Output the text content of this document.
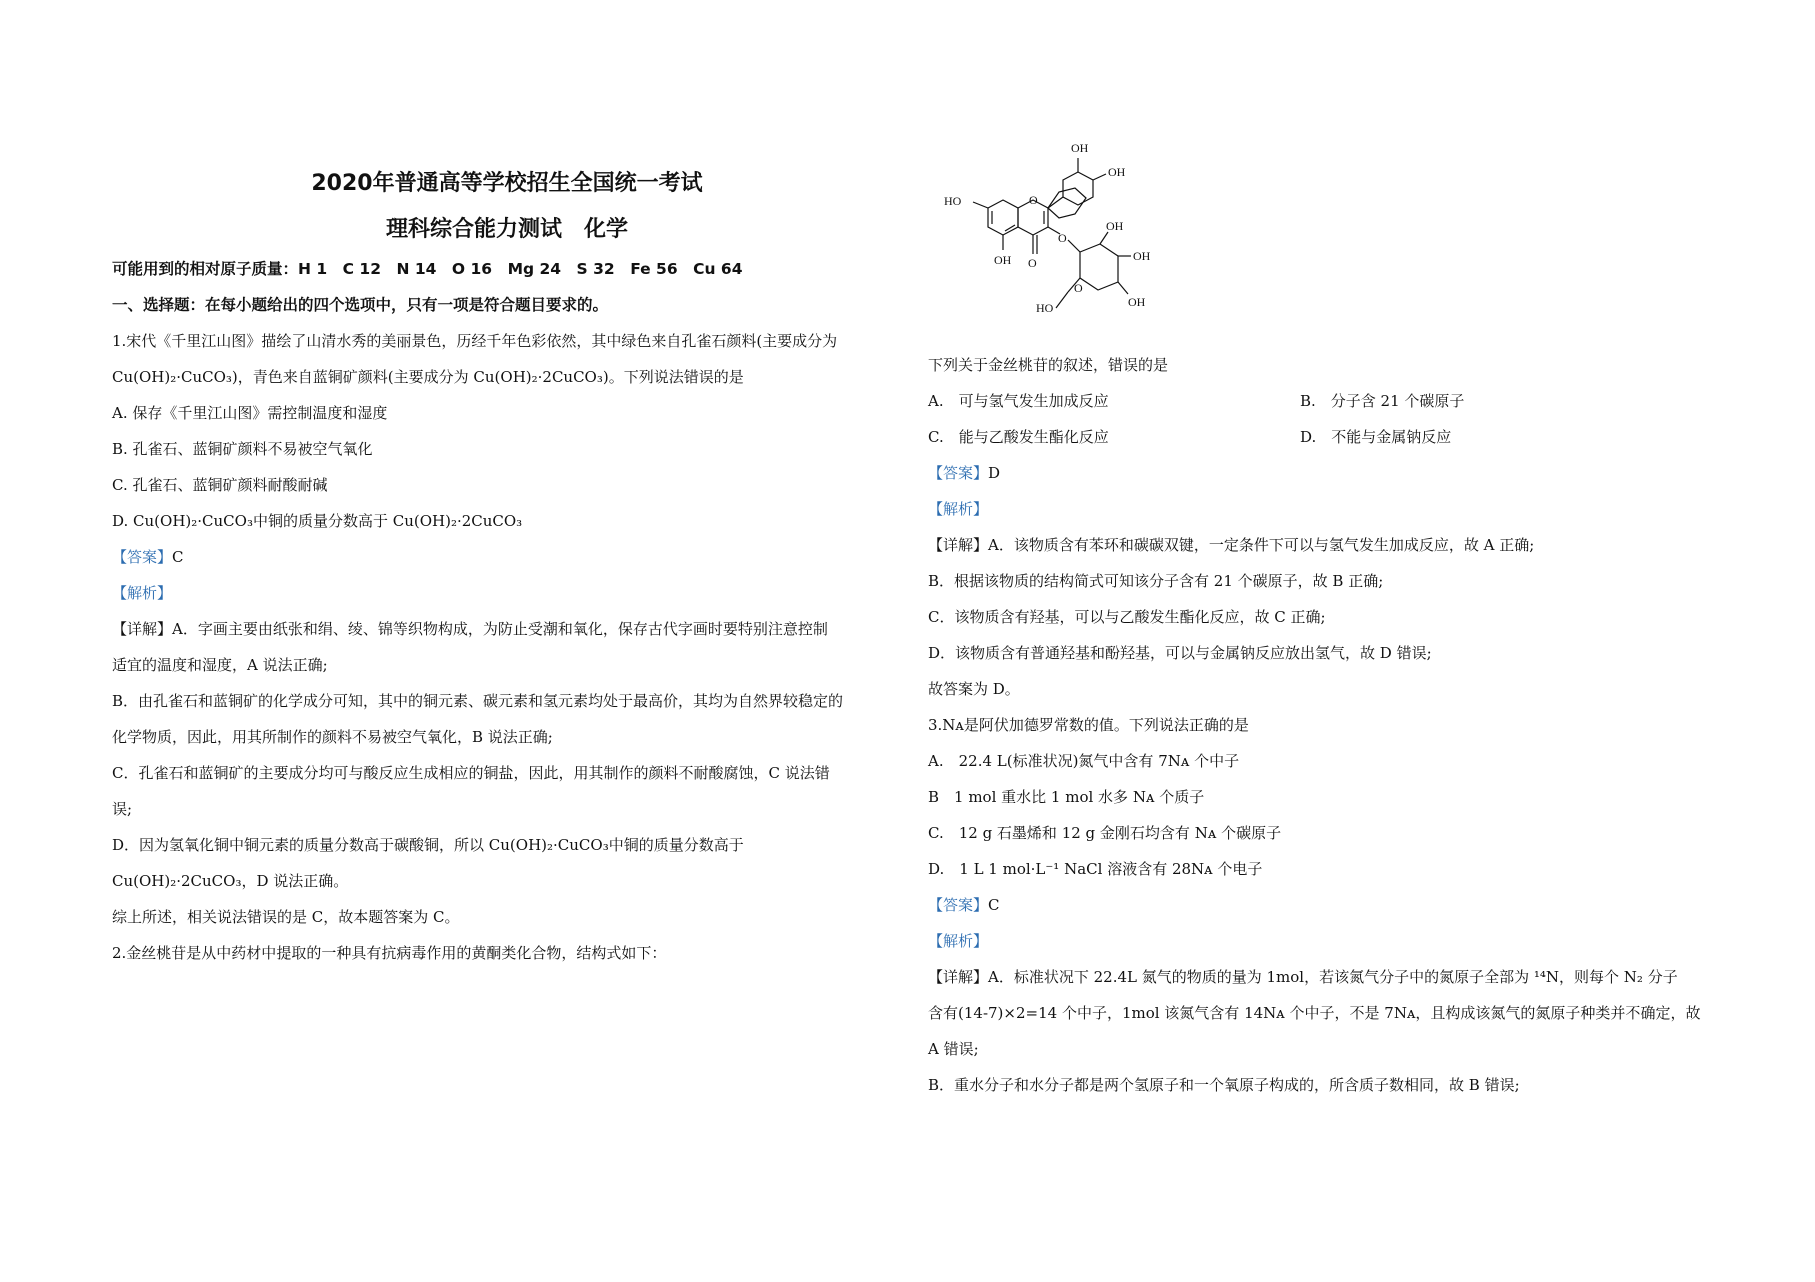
2020年普通高等学校招生全国统一考试
理科综合能力测试　化学
可能用到的相对原子质量：H 1　C 12　N 14　O 16　Mg 24　S 32　Fe 56　Cu 64
一、选择题：在每小题给出的四个选项中，只有一项是符合题目要求的。
1.宋代《千里江山图》描绘了山清水秀的美丽景色，历经千年色彩依然，其中绿色来自孔雀石颜料(主要成分为
Cu(OH)₂·CuCO₃)，青色来自蓝铜矿颜料(主要成分为 Cu(OH)₂·2CuCO₃)。下列说法错误的是
A. 保存《千里江山图》需控制温度和湿度
B. 孔雀石、蓝铜矿颜料不易被空气氧化
C. 孔雀石、蓝铜矿颜料耐酸耐碱
D. Cu(OH)₂·CuCO₃中铜的质量分数高于 Cu(OH)₂·2CuCO₃
【答案】C
【解析】
【详解】A．字画主要由纸张和绢、绫、锦等织物构成，为防止受潮和氧化，保存古代字画时要特别注意控制
适宜的温度和湿度，A 说法正确;
B．由孔雀石和蓝铜矿的化学成分可知，其中的铜元素、碳元素和氢元素均处于最高价，其均为自然界较稳定的
化学物质，因此，用其所制作的颜料不易被空气氧化，B 说法正确;
C．孔雀石和蓝铜矿的主要成分均可与酸反应生成相应的铜盐，因此，用其制作的颜料不耐酸腐蚀，C 说法错
误;
D．因为氢氧化铜中铜元素的质量分数高于碳酸铜，所以 Cu(OH)₂·CuCO₃中铜的质量分数高于
Cu(OH)₂·2CuCO₃，D 说法正确。
综上所述，相关说法错误的是 C，故本题答案为 C。
2.金丝桃苷是从中药材中提取的一种具有抗病毒作用的黄酮类化合物，结构式如下：
OH
OH
HO
OH O
O
O
OH
OH
OH
HO
O
下列关于金丝桃苷的叙述，错误的是
A.　可与氢气发生加成反应	B.　分子含 21 个碳原子
C.　能与乙酸发生酯化反应	D.　不能与金属钠反应
【答案】D
【解析】
【详解】A．该物质含有苯环和碳碳双键，一定条件下可以与氢气发生加成反应，故 A 正确;
B．根据该物质的结构简式可知该分子含有 21 个碳原子，故 B 正确;
C．该物质含有羟基，可以与乙酸发生酯化反应，故 C 正确;
D．该物质含有普通羟基和酚羟基，可以与金属钠反应放出氢气，故 D 错误;
故答案为 D。
3.Nᴀ是阿伏加德罗常数的值。下列说法正确的是
A.　22.4 L(标准状况)氮气中含有 7Nᴀ 个中子
B　1 mol 重水比 1 mol 水多 Nᴀ 个质子
C.　12 g 石墨烯和 12 g 金刚石均含有 Nᴀ 个碳原子
D.　1 L 1 mol·L⁻¹ NaCl 溶液含有 28Nᴀ 个电子
【答案】C
【解析】
【详解】A．标准状况下 22.4L 氮气的物质的量为 1mol，若该氮气分子中的氮原子全部为 ¹⁴N，则每个 N₂ 分子
含有(14-7)×2=14 个中子，1mol 该氮气含有 14Nᴀ 个中子，不是 7Nᴀ，且构成该氮气的氮原子种类并不确定，故
A 错误;
B．重水分子和水分子都是两个氢原子和一个氧原子构成的，所含质子数相同，故 B 错误;
